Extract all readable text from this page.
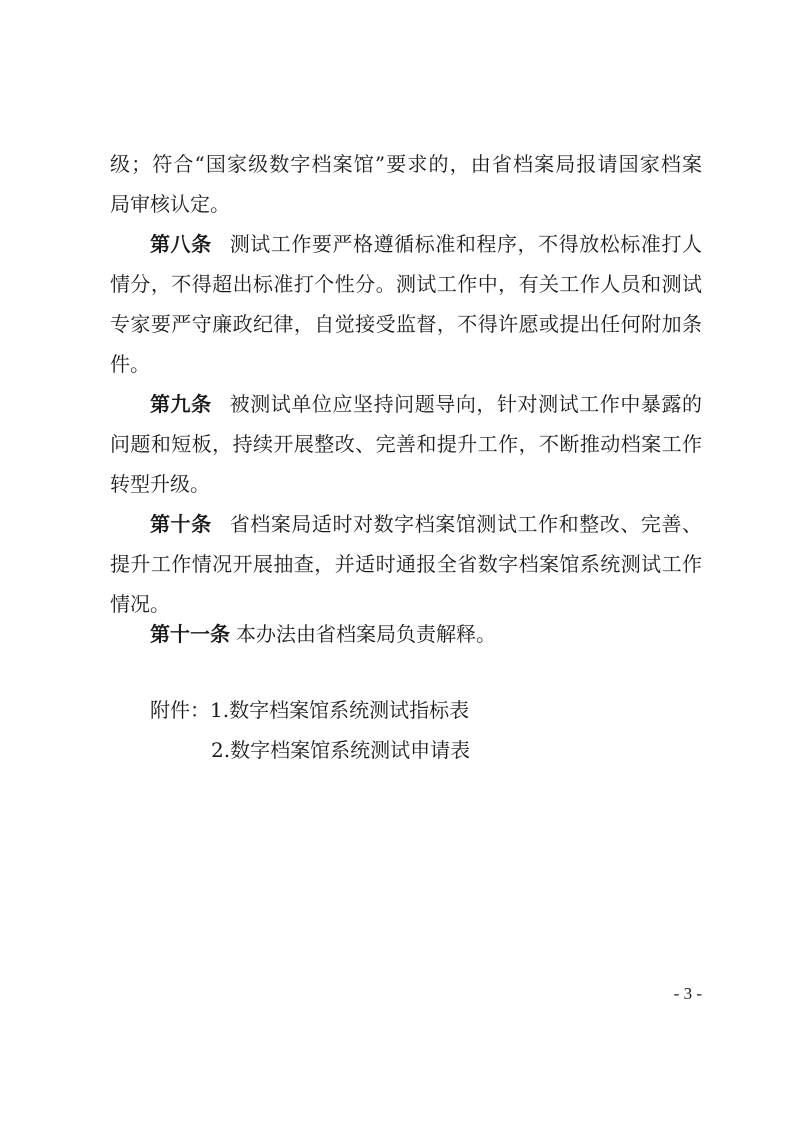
级；符合“国家级数字档案馆”要求的，由省档案局报请国家档案
局审核认定。
第八条 测试工作要严格遵循标准和程序，不得放松标准打人
情分，不得超出标准打个性分。测试工作中，有关工作人员和测试
专家要严守廉政纪律，自觉接受监督，不得许愿或提出任何附加条
件。
第九条 被测试单位应坚持问题导向，针对测试工作中暴露的
问题和短板，持续开展整改、完善和提升工作，不断推动档案工作
转型升级。
第十条 省档案局适时对数字档案馆测试工作和整改、完善、
提升工作情况开展抽查，并适时通报全省数字档案馆系统测试工作
情况。
第十一条 本办法由省档案局负责解释。
附件：1.数字档案馆系统测试指标表
2.数字档案馆系统测试申请表
- 3 -
